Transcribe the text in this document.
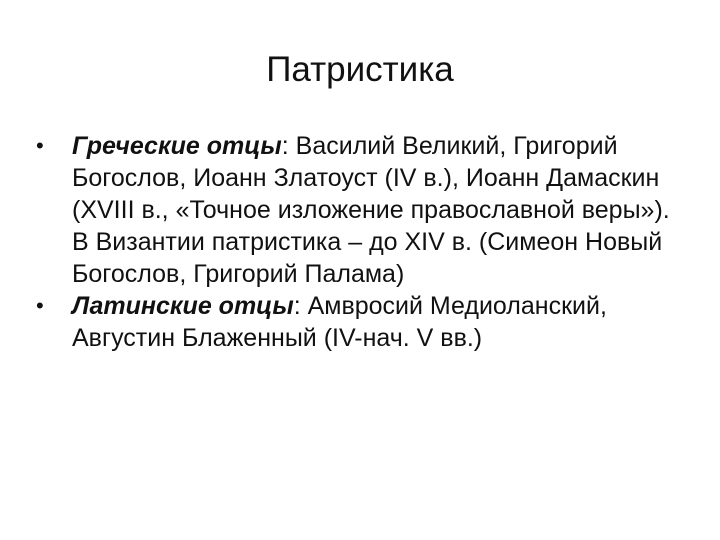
Патристика
•	Греческие отцы: Василий Великий, Григорий Богослов, Иоанн Златоуст (IV в.), Иоанн Дамаскин (XVIII в., «Точное изложение православной веры»). В Византии патристика – до XIV в. (Симеон Новый Богослов, Григорий Палама)
•	Латинские отцы: Амвросий Медиоланский, Августин Блаженный (IV-нач. V вв.)
